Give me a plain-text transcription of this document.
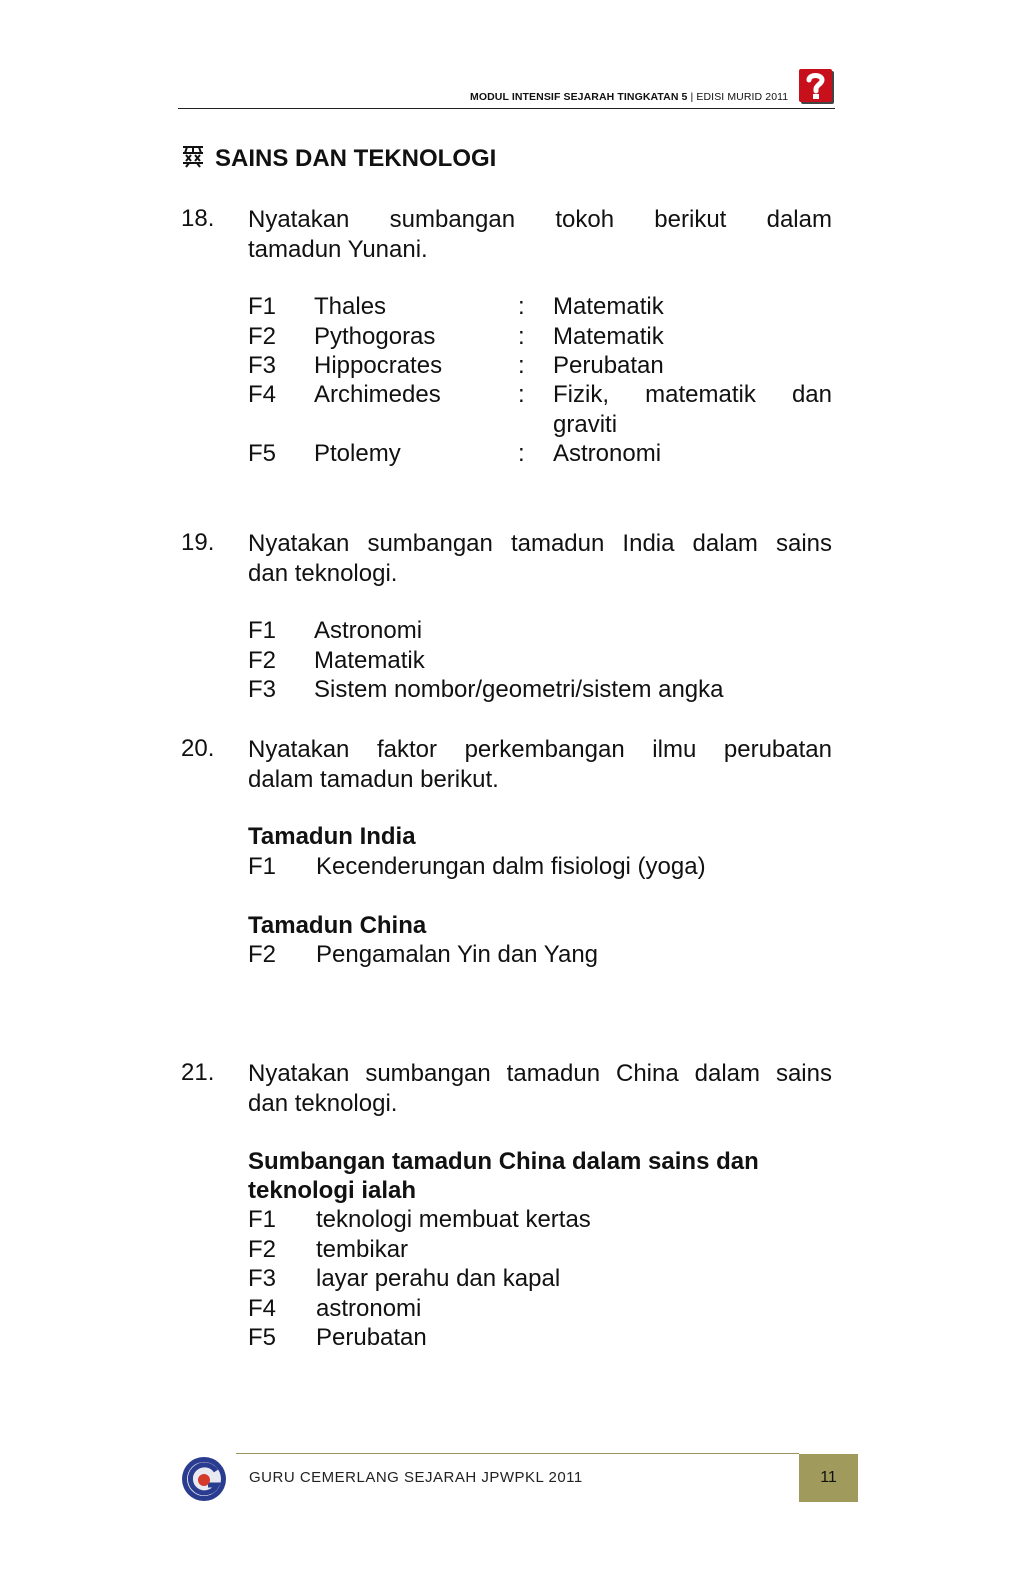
MODUL INTENSIF SEJARAH TINGKATAN 5 | EDISI MURID 2011
SAINS DAN TEKNOLOGI
18. Nyatakan sumbangan tokoh berikut dalam
tamadun Yunani.
F1 Thales	: Matematik
F2 Pythogoras	: Matematik
F3 Hippocrates	: Perubatan
F4 Archimedes	: Fizik, matematik dan
graviti
F5 Ptolemy	: Astronomi
19. Nyatakan sumbangan tamadun India dalam sains
dan teknologi.
F1 Astronomi
F2 Matematik
F3 Sistem nombor/geometri/sistem angka
20. Nyatakan faktor perkembangan ilmu perubatan
dalam tamadun berikut.
Tamadun India
F1 Kecenderungan dalm fisiologi (yoga)
Tamadun China
F2 Pengamalan Yin dan Yang
21. Nyatakan sumbangan tamadun China dalam sains
dan teknologi.
Sumbangan tamadun China dalam sains dan
teknologi ialah
F1 teknologi membuat kertas
F2 tembikar
F3 layar perahu dan kapal
F4 astronomi
F5 Perubatan
GURU CEMERLANG SEJARAH JPWPKL 2011	11
